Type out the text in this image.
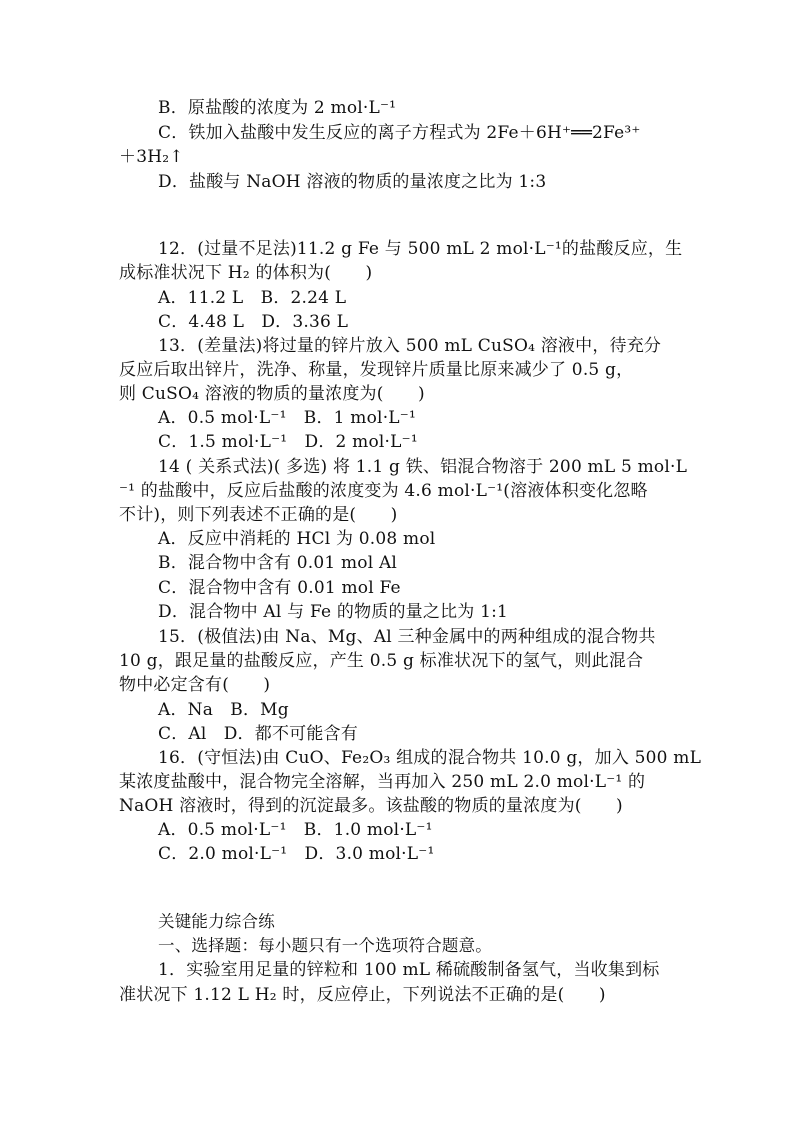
B．原盐酸的浓度为 2 mol·L⁻¹
C．铁加入盐酸中发生反应的离子方程式为 2Fe＋6H⁺══2Fe³⁺
＋3H₂↑
D．盐酸与 NaOH 溶液的物质的量浓度之比为 1:3
12．(过量不足法)11.2 g Fe 与 500 mL 2 mol·L⁻¹的盐酸反应，生
成标准状况下 H₂ 的体积为(　　)
A．11.2 L　B．2.24 L
C．4.48 L　D．3.36 L
13．(差量法)将过量的锌片放入 500 mL CuSO₄ 溶液中，待充分
反应后取出锌片，洗净、称量，发现锌片质量比原来减少了 0.5 g，
则 CuSO₄ 溶液的物质的量浓度为(　　)
A．0.5 mol·L⁻¹　B．1 mol·L⁻¹
C．1.5 mol·L⁻¹　D．2 mol·L⁻¹
14 ( 关系式法)( 多选) 将 1.1 g 铁、铝混合物溶于 200 mL 5 mol·L
⁻¹ 的盐酸中，反应后盐酸的浓度变为 4.6 mol·L⁻¹(溶液体积变化忽略
不计)，则下列表述不正确的是(　　)
A．反应中消耗的 HCl 为 0.08 mol
B．混合物中含有 0.01 mol Al
C．混合物中含有 0.01 mol Fe
D．混合物中 Al 与 Fe 的物质的量之比为 1:1
15．(极值法)由 Na、Mg、Al 三种金属中的两种组成的混合物共
10 g，跟足量的盐酸反应，产生 0.5 g 标准状况下的氢气，则此混合
物中必定含有(　　)
A．Na　B．Mg
C．Al　D．都不可能含有
16．(守恒法)由 CuO、Fe₂O₃ 组成的混合物共 10.0 g，加入 500 mL
某浓度盐酸中，混合物完全溶解，当再加入 250 mL 2.0 mol·L⁻¹ 的
NaOH 溶液时，得到的沉淀最多。该盐酸的物质的量浓度为(　　)
A．0.5 mol·L⁻¹　B．1.0 mol·L⁻¹
C．2.0 mol·L⁻¹　D．3.0 mol·L⁻¹
关键能力综合练
一、选择题：每小题只有一个选项符合题意。
1．实验室用足量的锌粒和 100 mL 稀硫酸制备氢气，当收集到标
准状况下 1.12 L H₂ 时，反应停止，下列说法不正确的是(　　)
